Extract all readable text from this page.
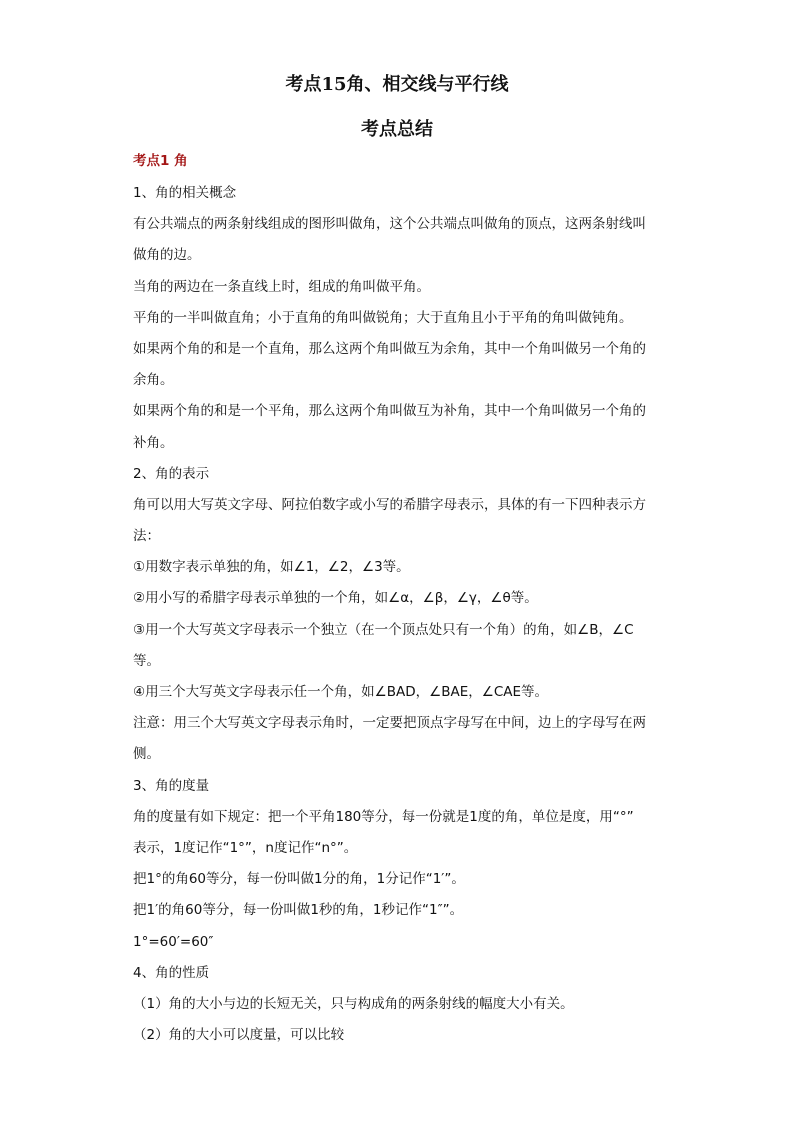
考点15角、相交线与平行线
考点总结
考点1 角
1、角的相关概念
有公共端点的两条射线组成的图形叫做角，这个公共端点叫做角的顶点，这两条射线叫
做角的边。
当角的两边在一条直线上时，组成的角叫做平角。
平角的一半叫做直角；小于直角的角叫做锐角；大于直角且小于平角的角叫做钝角。
如果两个角的和是一个直角，那么这两个角叫做互为余角，其中一个角叫做另一个角的
余角。
如果两个角的和是一个平角，那么这两个角叫做互为补角，其中一个角叫做另一个角的
补角。
2、角的表示
角可以用大写英文字母、阿拉伯数字或小写的希腊字母表示，具体的有一下四种表示方
法：
①用数字表示单独的角，如∠1，∠2，∠3等。
②用小写的希腊字母表示单独的一个角，如∠α，∠β，∠γ，∠θ等。
③用一个大写英文字母表示一个独立（在一个顶点处只有一个角）的角，如∠B，∠C
等。
④用三个大写英文字母表示任一个角，如∠BAD，∠BAE，∠CAE等。
注意：用三个大写英文字母表示角时，一定要把顶点字母写在中间，边上的字母写在两
侧。
3、角的度量
角的度量有如下规定：把一个平角180等分，每一份就是1度的角，单位是度，用“°”
表示，1度记作“1°”，n度记作“n°”。
把1°的角60等分，每一份叫做1分的角，1分记作“1′”。
把1′的角60等分，每一份叫做1秒的角，1秒记作“1″”。
1°=60′=60″
4、角的性质
（1）角的大小与边的长短无关，只与构成角的两条射线的幅度大小有关。
（2）角的大小可以度量，可以比较
